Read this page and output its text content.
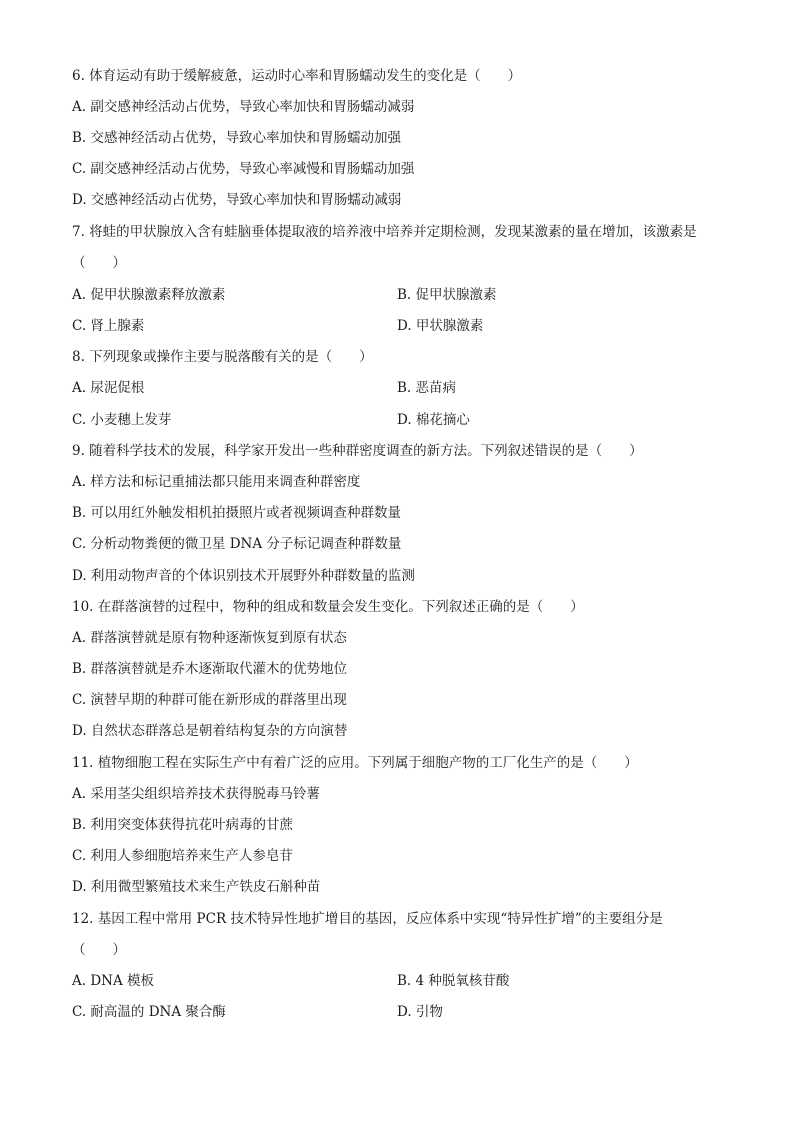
6. 体育运动有助于缓解疲惫，运动时心率和胃肠蠕动发生的变化是（　　）
A. 副交感神经活动占优势，导致心率加快和胃肠蠕动减弱
B. 交感神经活动占优势，导致心率加快和胃肠蠕动加强
C. 副交感神经活动占优势，导致心率减慢和胃肠蠕动加强
D. 交感神经活动占优势，导致心率加快和胃肠蠕动减弱
7. 将蛙的甲状腺放入含有蛙脑垂体提取液的培养液中培养并定期检测，发现某激素的量在增加，该激素是
（　　）
A. 促甲状腺激素释放激素	B. 促甲状腺激素
C. 肾上腺素	D. 甲状腺激素
8. 下列现象或操作主要与脱落酸有关的是（　　）
A. 尿泥促根	B. 恶苗病
C. 小麦穗上发芽	D. 棉花摘心
9. 随着科学技术的发展，科学家开发出一些种群密度调查的新方法。下列叙述错误的是（　　）
A. 样方法和标记重捕法都只能用来调查种群密度
B. 可以用红外触发相机拍摄照片或者视频调查种群数量
C. 分析动物粪便的微卫星 DNA 分子标记调查种群数量
D. 利用动物声音的个体识别技术开展野外种群数量的监测
10. 在群落演替的过程中，物种的组成和数量会发生变化。下列叙述正确的是（　　）
A. 群落演替就是原有物种逐渐恢复到原有状态
B. 群落演替就是乔木逐渐取代灌木的优势地位
C. 演替早期的种群可能在新形成的群落里出现
D. 自然状态群落总是朝着结构复杂的方向演替
11. 植物细胞工程在实际生产中有着广泛的应用。下列属于细胞产物的工厂化生产的是（　　）
A. 采用茎尖组织培养技术获得脱毒马铃薯
B. 利用突变体获得抗花叶病毒的甘蔗
C. 利用人参细胞培养来生产人参皂苷
D. 利用微型繁殖技术来生产铁皮石斛种苗
12. 基因工程中常用 PCR 技术特异性地扩增目的基因，反应体系中实现“特异性扩增”的主要组分是
（　　）
A. DNA 模板	B. 4 种脱氧核苷酸
C. 耐高温的 DNA 聚合酶	D. 引物
